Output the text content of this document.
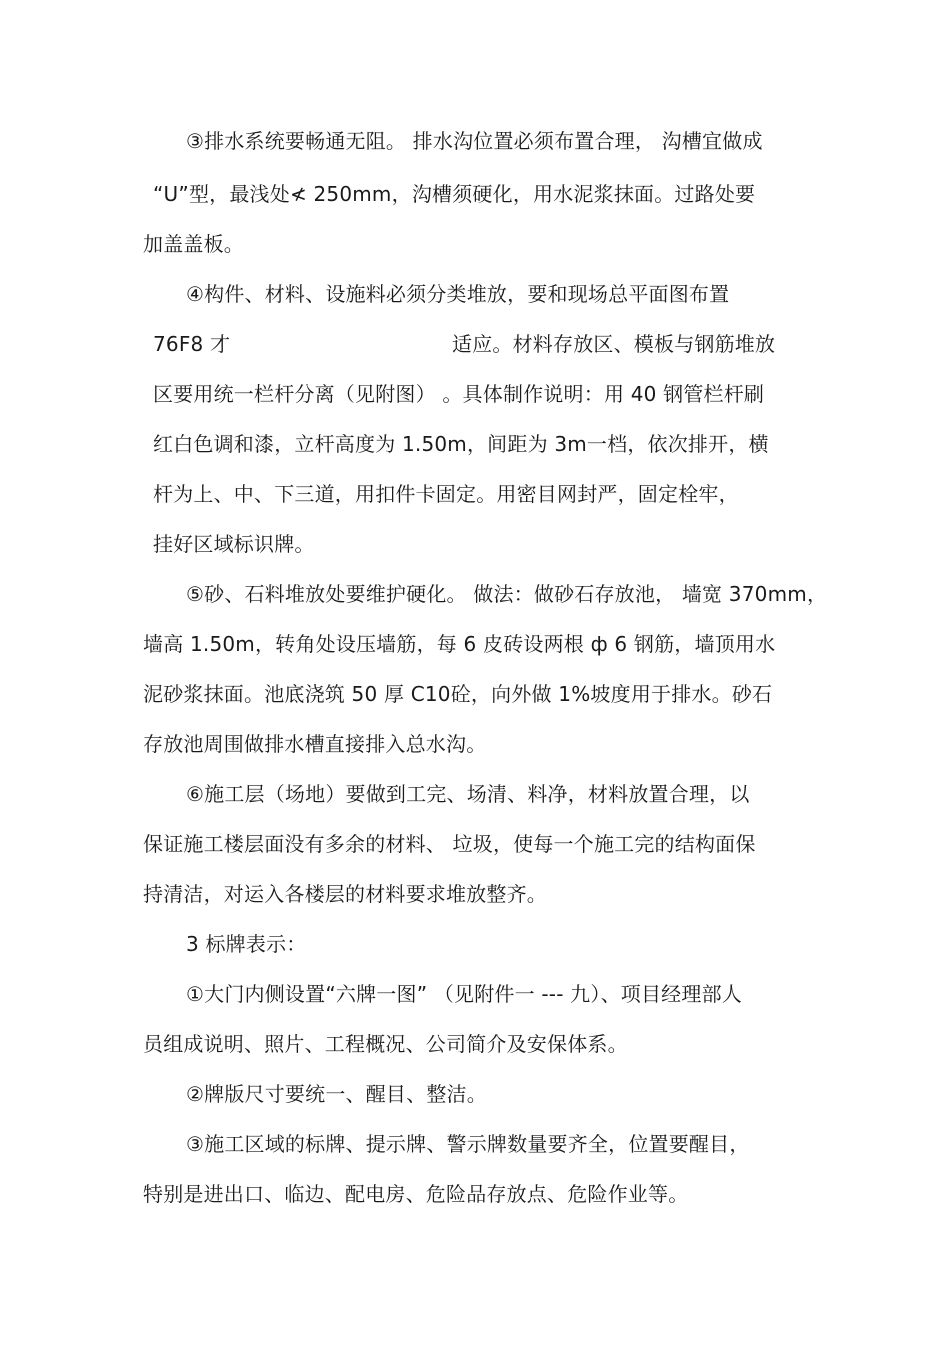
③排水系统要畅通无阻。 排水沟位置必须布置合理， 沟槽宜做成
“U”型，最浅处≮ 250mm，沟槽须硬化，用水泥浆抹面。过路处要
加盖盖板。
④构件、材料、设施料必须分类堆放，要和现场总平面图布置
76F8 才	适应。材料存放区、模板与钢筋堆放
区要用统一栏杆分离（见附图） 。具体制作说明：用 40 钢管栏杆刷
红白色调和漆，立杆高度为 1.50m，间距为 3m一档，依次排开，横
杆为上、中、下三道，用扣件卡固定。用密目网封严，固定栓牢，
挂好区域标识牌。
⑤砂、石料堆放处要维护硬化。 做法：做砂石存放池， 墙宽 370mm，
墙高 1.50m，转角处设压墙筋，每 6 皮砖设两根 ф 6 钢筋，墙顶用水
泥砂浆抹面。池底浇筑 50 厚 C10砼，向外做 1%坡度用于排水。砂石
存放池周围做排水槽直接排入总水沟。
⑥施工层（场地）要做到工完、场清、料净，材料放置合理，以
保证施工楼层面没有多余的材料、 垃圾，使每一个施工完的结构面保
持清洁，对运入各楼层的材料要求堆放整齐。
3 标牌表示：
①大门内侧设置“六牌一图” （见附件一 --- 九）、项目经理部人
员组成说明、照片、工程概况、公司简介及安保体系。
②牌版尺寸要统一、醒目、整洁。
③施工区域的标牌、提示牌、警示牌数量要齐全，位置要醒目，
特别是进出口、临边、配电房、危险品存放点、危险作业等。
